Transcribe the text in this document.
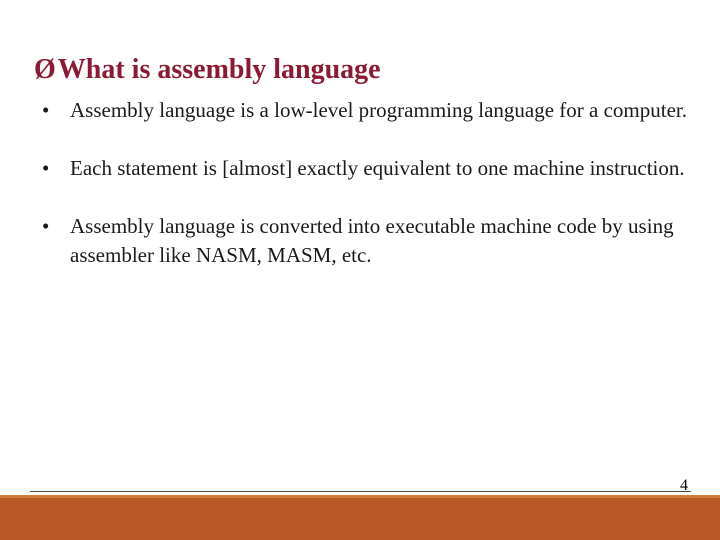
ØWhat is assembly language
• Assembly language is a low-level programming language for a computer.
• Each statement is [almost] exactly equivalent to one machine instruction.
• Assembly language is converted into executable machine code by using assembler like NASM, MASM, etc.
4
